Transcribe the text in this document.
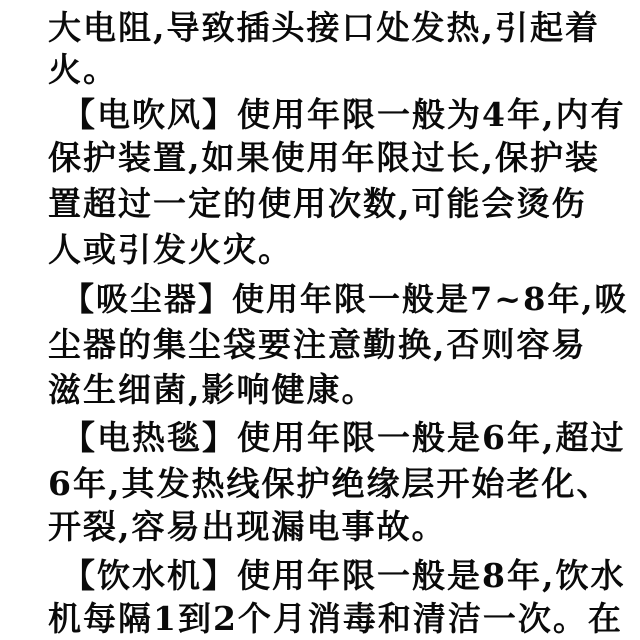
大电阻,导致插头接口处发热,引起着
火。
【电吹风】使用年限一般为4年,内有
保护装置,如果使用年限过长,保护装
置超过一定的使用次数,可能会烫伤
人或引发火灾。
【吸尘器】使用年限一般是7~8年,吸
尘器的集尘袋要注意勤换,否则容易
滋生细菌,影响健康。
【电热毯】使用年限一般是6年,超过
6年,其发热线保护绝缘层开始老化、
开裂,容易出现漏电事故。
【饮水机】使用年限一般是8年,饮水
机每隔1到2个月消毒和清洁一次。在
